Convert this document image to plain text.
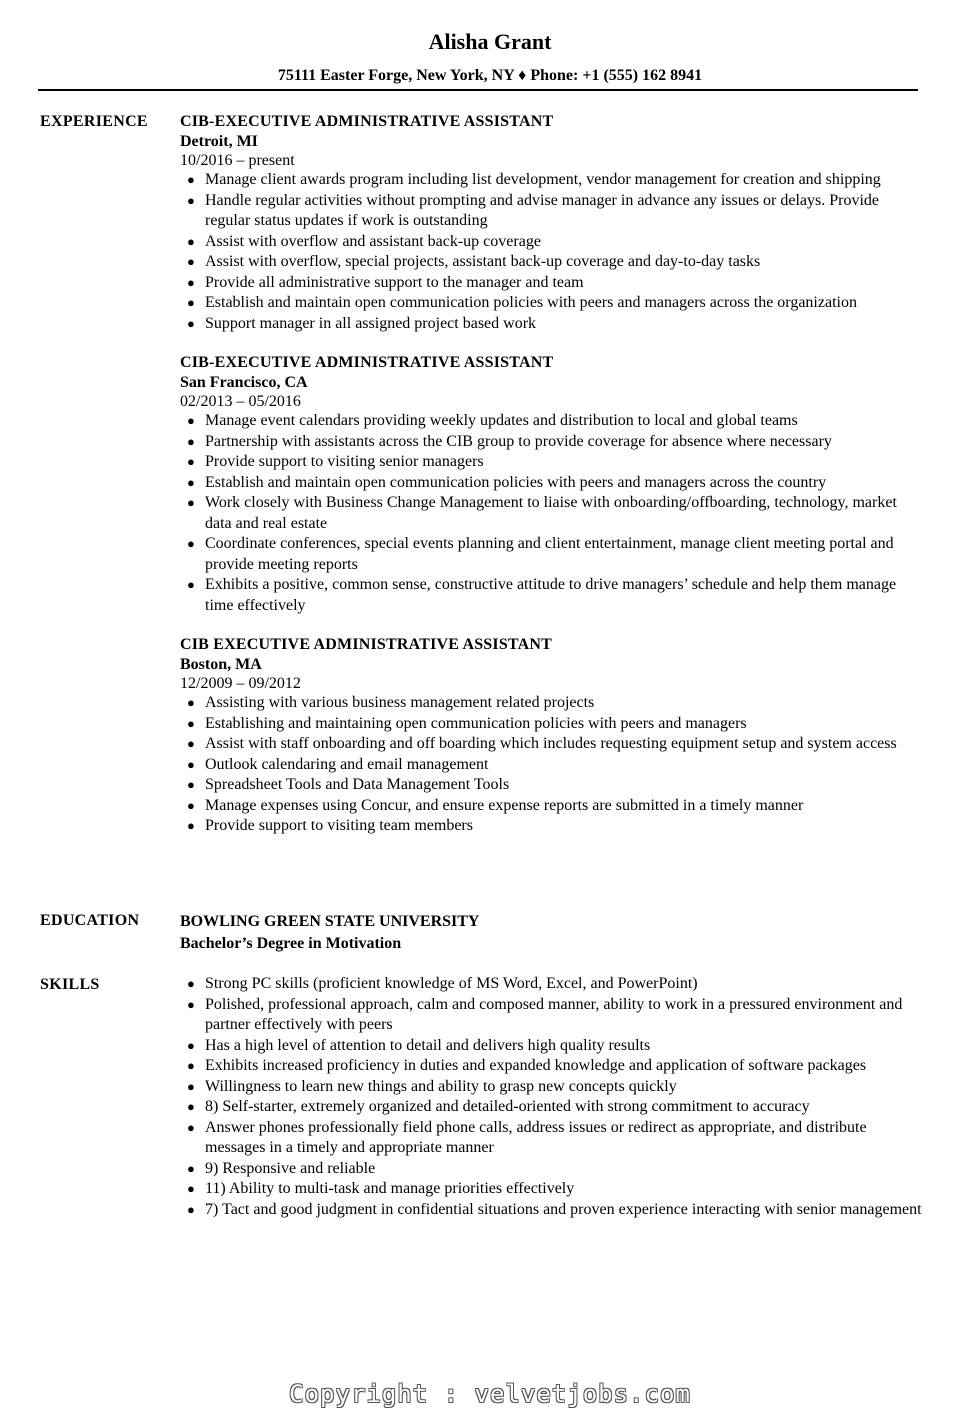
Alisha Grant
75111 Easter Forge, New York, NY ♦ Phone: +1 (555) 162 8941
EXPERIENCE CIB-EXECUTIVE ADMINISTRATIVE ASSISTANT
Detroit, MI
10/2016 – present
● Manage client awards program including list development, vendor management for creation and shipping
● Handle regular activities without prompting and advise manager in advance any issues or delays. Provide regular status updates if work is outstanding
● Assist with overflow and assistant back-up coverage
● Assist with overflow, special projects, assistant back-up coverage and day-to-day tasks
● Provide all administrative support to the manager and team
● Establish and maintain open communication policies with peers and managers across the organization
● Support manager in all assigned project based work
CIB-EXECUTIVE ADMINISTRATIVE ASSISTANT
San Francisco, CA
02/2013 – 05/2016
● Manage event calendars providing weekly updates and distribution to local and global teams
● Partnership with assistants across the CIB group to provide coverage for absence where necessary
● Provide support to visiting senior managers
● Establish and maintain open communication policies with peers and managers across the country
● Work closely with Business Change Management to liaise with onboarding/offboarding, technology, market data and real estate
● Coordinate conferences, special events planning and client entertainment, manage client meeting portal and provide meeting reports
● Exhibits a positive, common sense, constructive attitude to drive managers’ schedule and help them manage time effectively
CIB EXECUTIVE ADMINISTRATIVE ASSISTANT
Boston, MA
12/2009 – 09/2012
● Assisting with various business management related projects
● Establishing and maintaining open communication policies with peers and managers
● Assist with staff onboarding and off boarding which includes requesting equipment setup and system access
● Outlook calendaring and email management
● Spreadsheet Tools and Data Management Tools
● Manage expenses using Concur, and ensure expense reports are submitted in a timely manner
● Provide support to visiting team members
EDUCATION	BOWLING GREEN STATE UNIVERSITY
Bachelor’s Degree in Motivation
SKILLS	● Strong PC skills (proficient knowledge of MS Word, Excel, and PowerPoint)
● Polished, professional approach, calm and composed manner, ability to work in a pressured environment and partner effectively with peers
● Has a high level of attention to detail and delivers high quality results
● Exhibits increased proficiency in duties and expanded knowledge and application of software packages
● Willingness to learn new things and ability to grasp new concepts quickly
● 8) Self-starter, extremely organized and detailed-oriented with strong commitment to accuracy
● Answer phones professionally field phone calls, address issues or redirect as appropriate, and distribute messages in a timely and appropriate manner
● 9) Responsive and reliable
● 11) Ability to multi-task and manage priorities effectively
● 7) Tact and good judgment in confidential situations and proven experience interacting with senior management
Copyright : velvetjobs.com
